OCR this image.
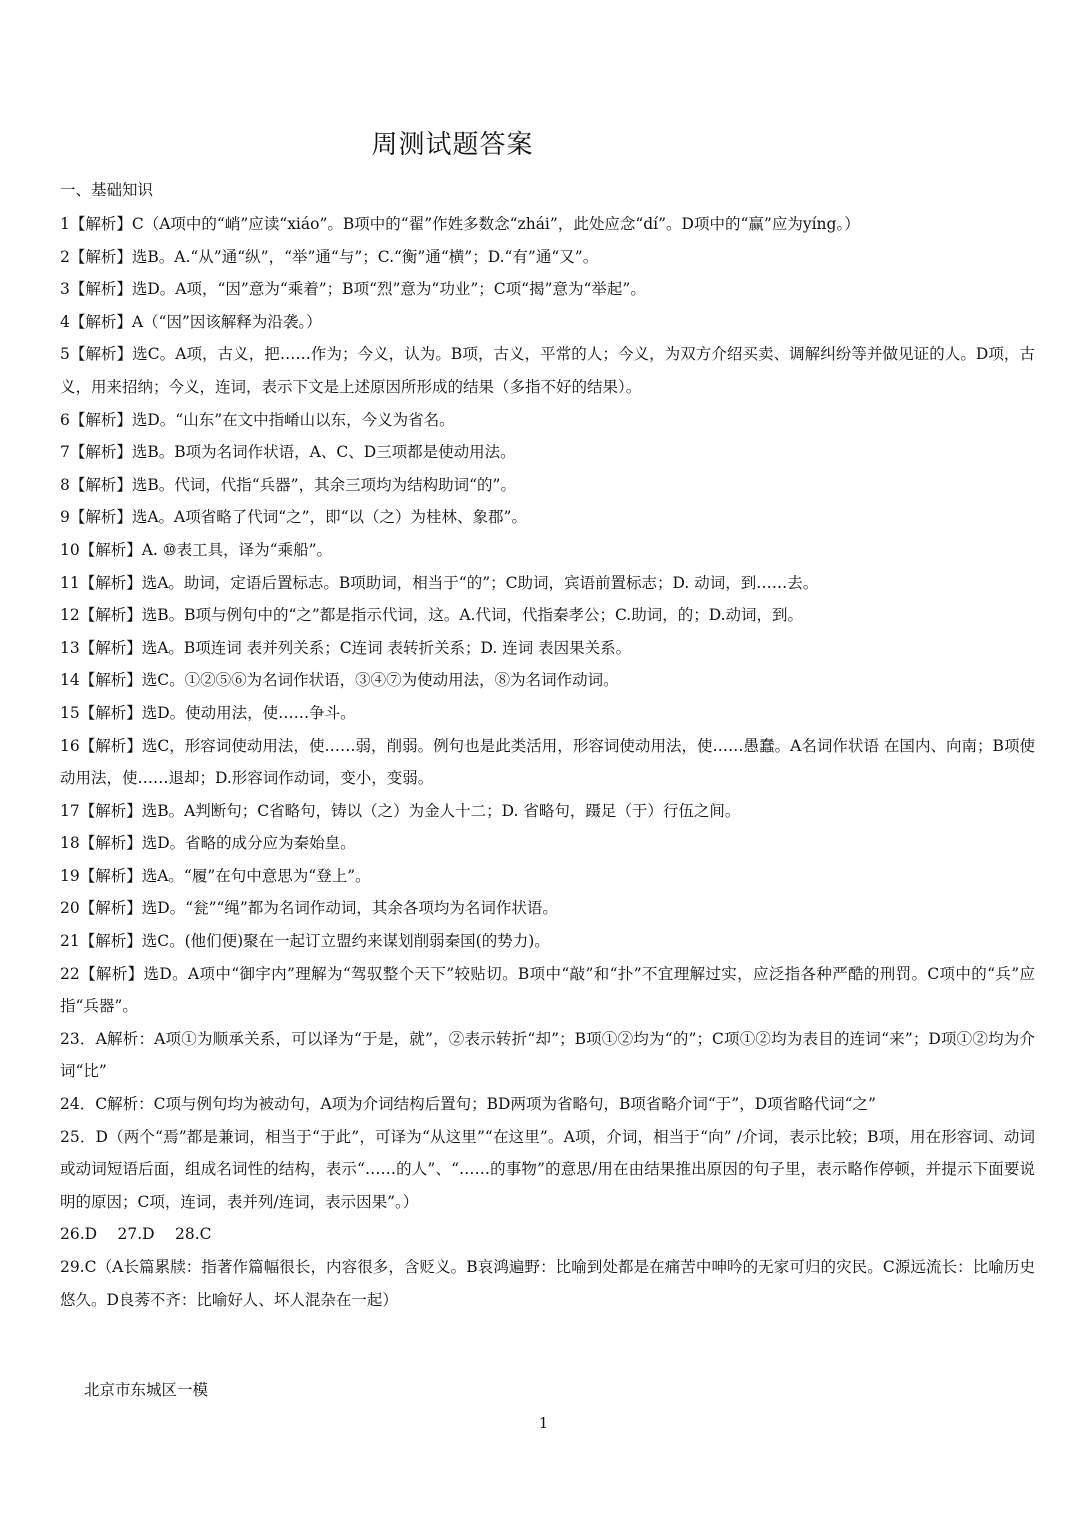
周测试题答案

一、基础知识

1【解析】C（A项中的“峭”应读“xiáo”。B项中的“翟”作姓多数念“zhái”，此处应念“dí”。D项中的“赢”应为yíng。）
2【解析】选B。A.“从”通“纵”，“举”通“与”；C.“衡”通“横”；D.“有”通“又”。
3【解析】选D。A项，“因”意为“乘着”；B项“烈”意为“功业”；C项“揭”意为“举起”。
4【解析】A（“因”因该解释为沿袭。）
5【解析】选C。A项，古义，把……作为；今义，认为。B项，古义，平常的人；今义，为双方介绍买卖、调解纠纷等并做见证的人。D项，古义，用来招纳；今义，连词，表示下文是上述原因所形成的结果（多指不好的结果）。
6【解析】选D。“山东”在文中指崤山以东，今义为省名。
7【解析】选B。B项为名词作状语，A、C、D三项都是使动用法。
8【解析】选B。代词，代指“兵器”，其余三项均为结构助词“的”。
9【解析】选A。A项省略了代词“之”，即“以（之）为桂林、象郡”。
10【解析】A. ⑩表工具，译为“乘船”。
11【解析】选A。助词，定语后置标志。B项助词，相当于“的”；C助词，宾语前置标志；D. 动词，到……去。
12【解析】选B。B项与例句中的“之”都是指示代词，这。A.代词，代指秦孝公；C.助词，的；D.动词，到。
13【解析】选A。B项连词 表并列关系；C连词 表转折关系；D. 连词 表因果关系。
14【解析】选C。①②⑤⑥为名词作状语，③④⑦为使动用法，⑧为名词作动词。
15【解析】选D。使动用法，使……争斗。
16【解析】选C，形容词使动用法，使……弱，削弱。例句也是此类活用，形容词使动用法，使……愚蠢。A名词作状语 在国内、向南；B项使动用法，使……退却；D.形容词作动词，变小，变弱。
17【解析】选B。A判断句；C省略句，铸以（之）为金人十二；D. 省略句，蹑足（于）行伍之间。
18【解析】选D。省略的成分应为秦始皇。
19【解析】选A。“履”在句中意思为“登上”。
20【解析】选D。“瓮”“绳”都为名词作动词，其余各项均为名词作状语。
21【解析】选C。(他们便)聚在一起订立盟约来谋划削弱秦国(的势力)。
22【解析】选D。A项中“御宇内”理解为“驾驭整个天下”较贴切。B项中“敲”和“扑”不宜理解过实，应泛指各种严酷的刑罚。C项中的“兵”应指“兵器”。
23．A解析：A项①为顺承关系，可以译为“于是，就”，②表示转折“却”；B项①②均为“的”；C项①②均为表目的连词“来”；D项①②均为介词“比”
24．C解析：C项与例句均为被动句，A项为介词结构后置句；BD两项为省略句，B项省略介词“于”，D项省略代词“之”
25．D（两个“焉”都是兼词，相当于“于此”，可译为“从这里”“在这里”。A项，介词，相当于“向” /介词，表示比较；B项，用在形容词、动词或动词短语后面，组成名词性的结构，表示“……的人”、“……的事物”的意思/用在由结果推出原因的句子里，表示略作停顿，并提示下面要说明的原因；C项，连词，表并列/连词，表示因果”。）
26.D　 27.D　 28.C
29.C（A长篇累牍：指著作篇幅很长，内容很多，含贬义。B哀鸿遍野：比喻到处都是在痛苦中呻吟的无家可归的灾民。C源远流长：比喻历史悠久。D良莠不齐：比喻好人、坏人混杂在一起）

北京市东城区一模

1
